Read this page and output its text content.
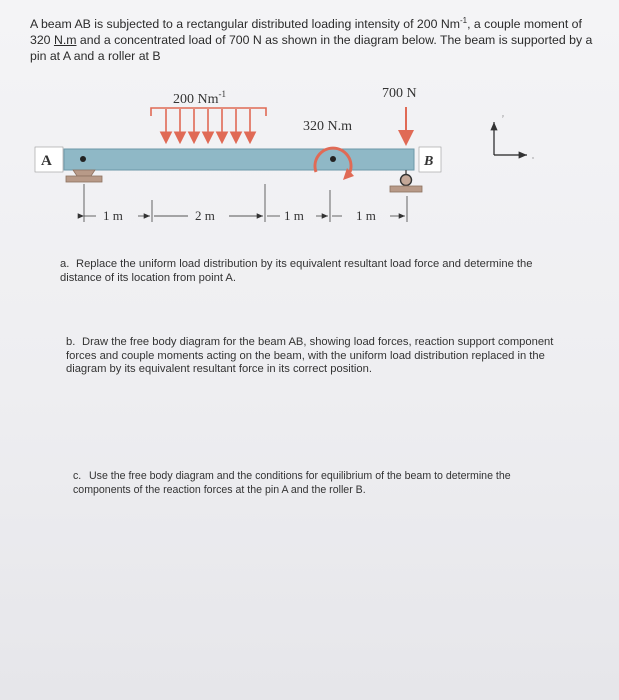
A beam AB is subjected to a rectangular distributed loading intensity of 200 $Nm^{-1}$, a couple moment of 320 N.m and a concentrated load of 700 N as shown in the diagram below. The beam is supported by a pin at A and a roller at B
200 $Nm^{-1}$
A	B
700 N
320 N.m
1 m	2 m	1 m	1 m
y
x
a. Replace the uniform load distribution by its equivalent resultant load force and determine the distance of its location from point A.
b. Draw the free body diagram for the beam AB, showing load forces, reaction support component forces and couple moments acting on the beam, with the uniform load distribution replaced in the diagram by its equivalent resultant force in its correct position.
c. Use the free body diagram and the conditions for equilibrium of the beam to determine the components of the reaction forces at the pin A and the roller B.
